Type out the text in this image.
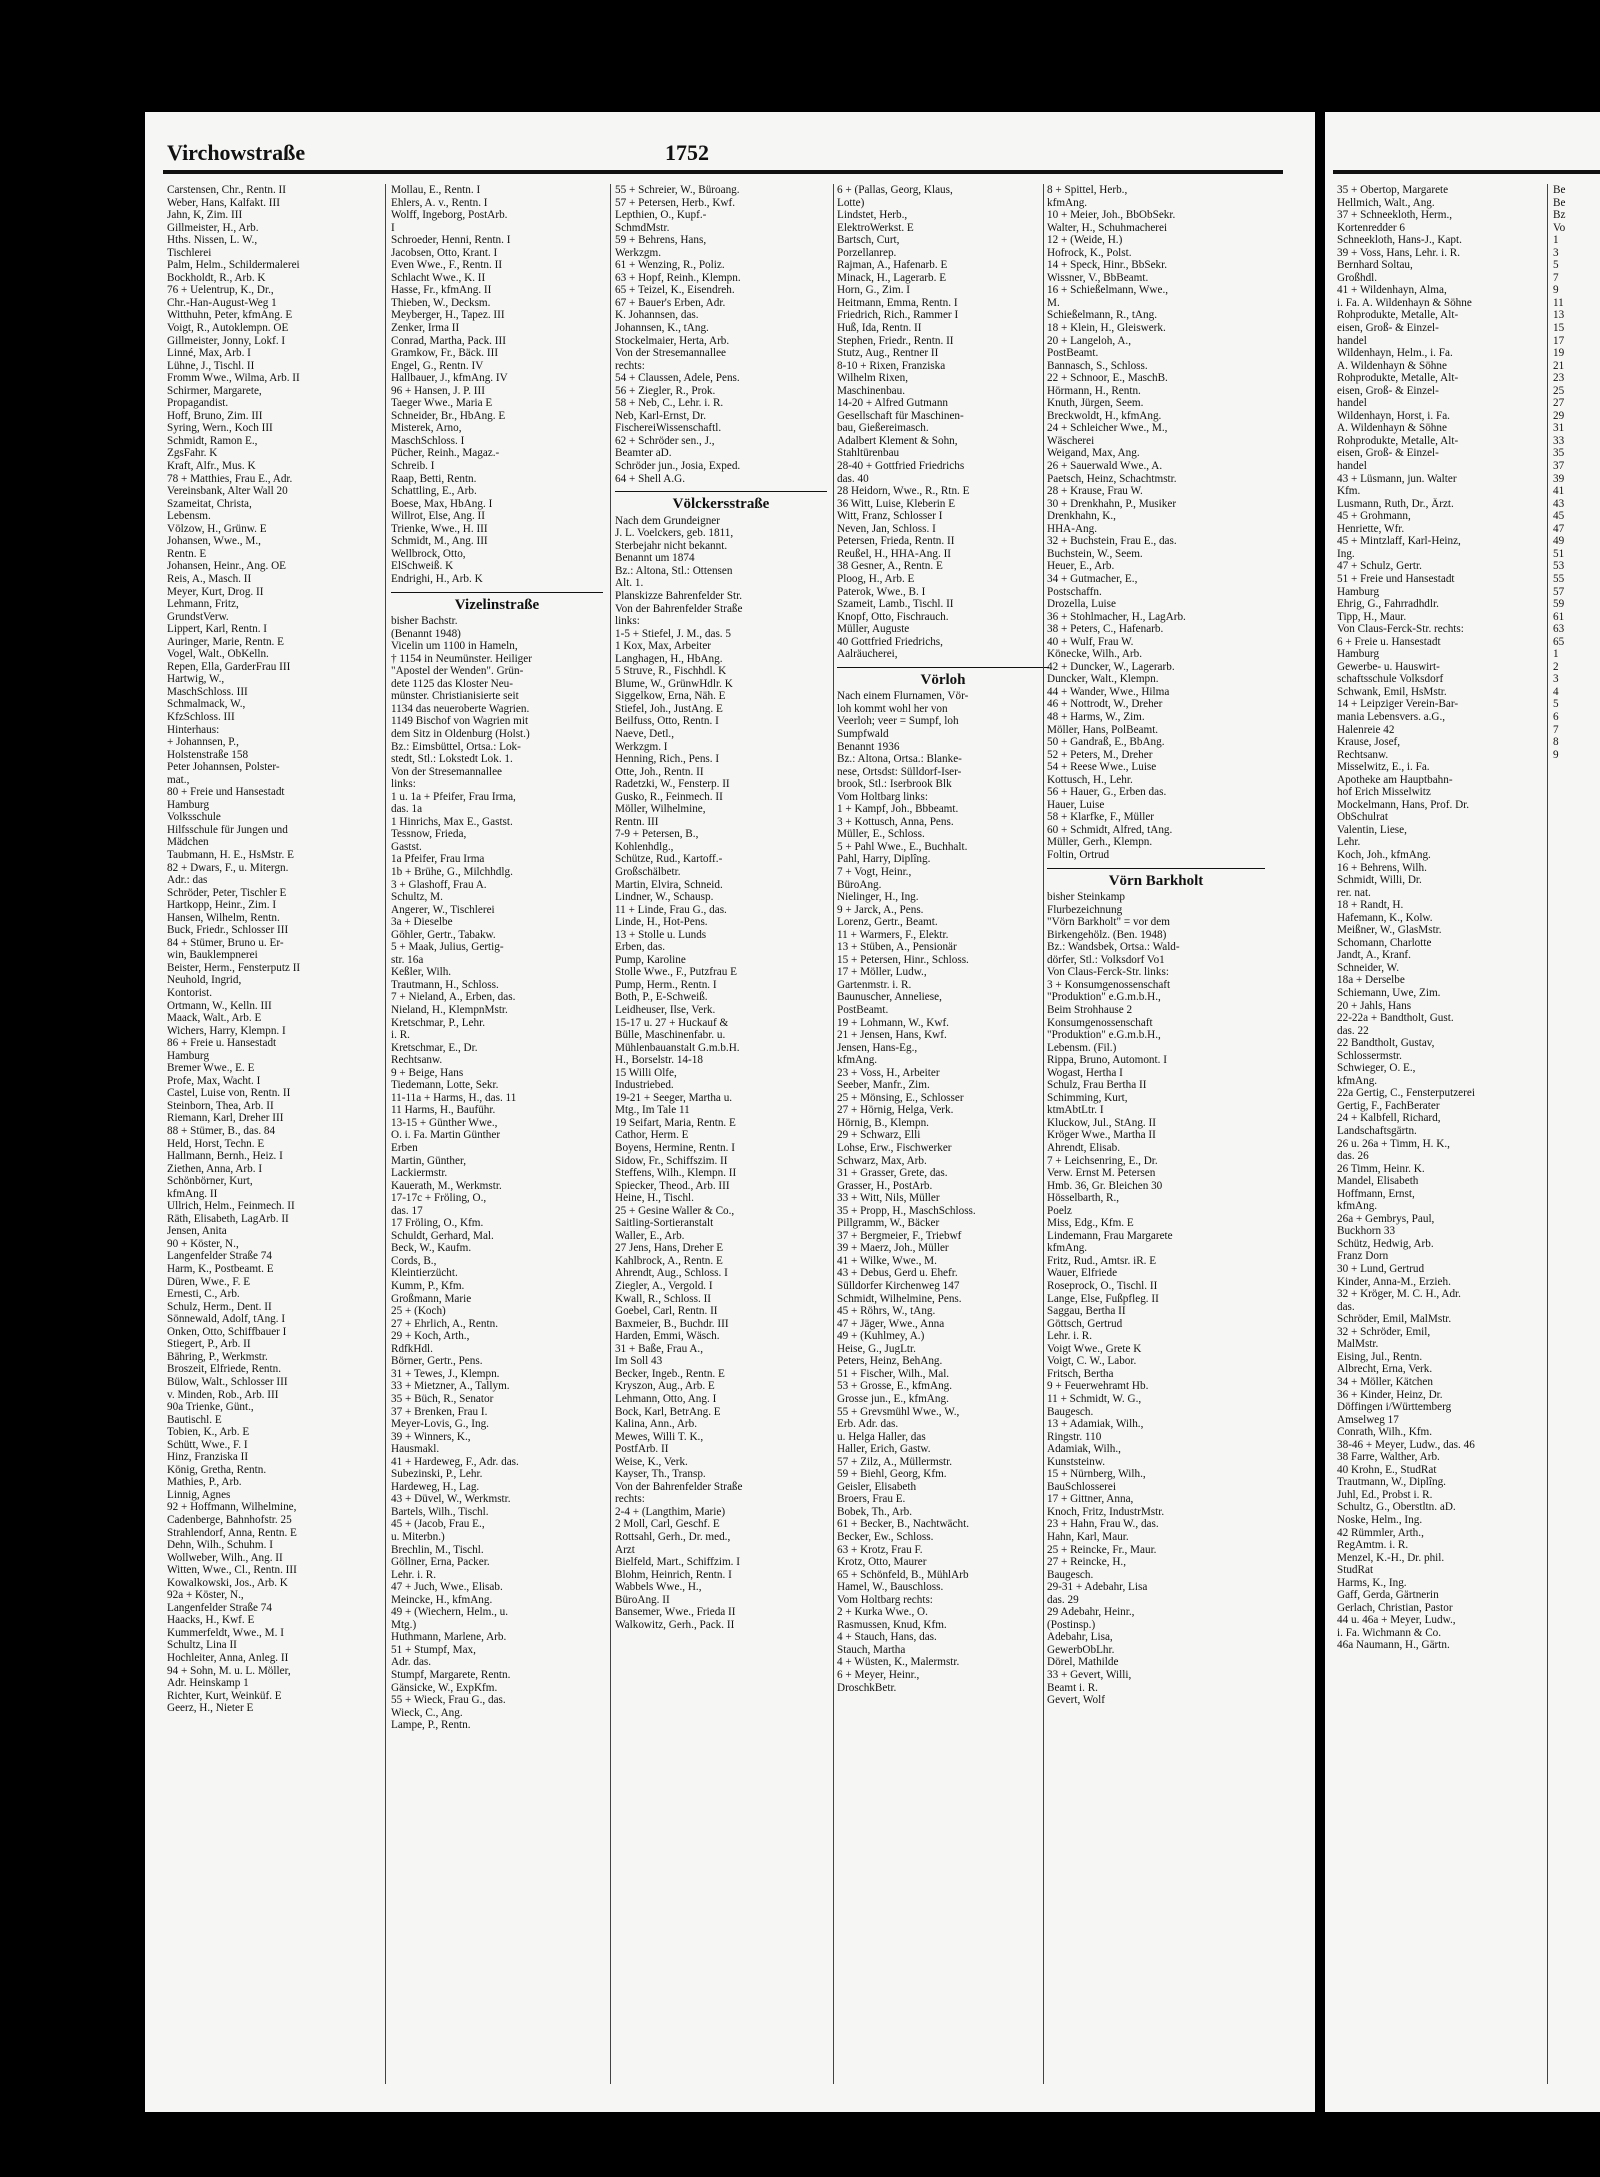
Virchowstraße	1752
Carstensen, Chr., Rentn. II
Weber, Hans, Kalfakt. III
Jahn, K, Zim. III
Gillmeister, H., Arb.
Hths. Nissen, L. W.,
Tischlerei
Palm, Helm., Schildermalerei
Bockholdt, R., Arb. K
76 + Uelentrup, K., Dr.,
Chr.-Han-August-Weg 1
Witthuhn, Peter, kfmAng. E
Voigt, R., Autoklempn. OE
Gillmeister, Jonny, Lokf. I
Linné, Max, Arb. I
Lühne, J., Tischl. II
Fromm Wwe., Wilma, Arb. II
Schirmer, Margarete,
Propagandist.
Hoff, Bruno, Zim. III
Syring, Wern., Koch III
Schmidt, Ramon E.,
ZgsFahr. K
Kraft, Alfr., Mus. K
78 + Matthies, Frau E., Adr.
Vereinsbank, Alter Wall 20
Szameitat, Christa,
Lebensm.
Völzow, H., Grünw. E
Johansen, Wwe., M.,
Rentn. E
Johansen, Heinr., Ang. OE
Reis, A., Masch. II
Meyer, Kurt, Drog. II
Lehmann, Fritz,
GrundstVerw.
Lippert, Karl, Rentn. I
Auringer, Marie, Rentn. E
Vogel, Walt., ObKelln.
Repen, Ella, GarderFrau III
Hartwig, W.,
MaschSchloss. III
Schmalmack, W.,
KfzSchloss. III
Hinterhaus:
+ Johannsen, P.,
Holstenstraße 158
Peter Johannsen, Polster-
mat.,
80 + Freie und Hansestadt
Hamburg
Volksschule
Hilfsschule für Jungen und
Mädchen
Taubmann, H. E., HsMstr. E
82 + Dwars, F., u. Mitergn.
Adr.: das
Schröder, Peter, Tischler E
Hartkopp, Heinr., Zim. I
Hansen, Wilhelm, Rentn.
Buck, Friedr., Schlosser III
84 + Stümer, Bruno u. Er-
win, Bauklempnerei
Beister, Herm., Fensterputz II
Neuhold, Ingrid,
Kontorist.
Ortmann, W., Kelln. III
Maack, Walt., Arb. E
Wichers, Harry, Klempn. I
86 + Freie u. Hansestadt
Hamburg
Bremer Wwe., E. E
Profe, Max, Wacht. I
Castel, Luise von, Rentn. II
Steinborn, Thea, Arb. II
Riemann, Karl, Dreher III
88 + Stümer, B., das. 84
Held, Horst, Techn. E
Hallmann, Bernh., Heiz. I
Ziethen, Anna, Arb. I
Schönbörner, Kurt,
kfmAng. II
Ullrich, Helm., Feinmech. II
Räth, Elisabeth, LagArb. II
Jensen, Anita
90 + Köster, N.,
Langenfelder Straße 74
Harm, K., Postbeamt. E
Düren, Wwe., F. E
Ernesti, C., Arb.
Schulz, Herm., Dent. II
Sönnewald, Adolf, tAng. I
Onken, Otto, Schiffbauer I
Stiegert, P., Arb. II
Bähring, P., Werkmstr.
Broszeit, Elfriede, Rentn.
Bülow, Walt., Schlosser III
v. Minden, Rob., Arb. III
90a Trienke, Günt.,
Bautischl. E
Tobien, K., Arb. E
Schütt, Wwe., F. I
Hinz, Franziska II
König, Gretha, Rentn.
Mathies, P., Arb.
Linnig, Agnes
92 + Hoffmann, Wilhelmine,
Cadenberge, Bahnhofstr. 25
Strahlendorf, Anna, Rentn. E
Dehn, Wilh., Schuhm. I
Wollweber, Wilh., Ang. II
Witten, Wwe., Cl., Rentn. III
Kowalkowski, Jos., Arb. K
92a + Köster, N.,
Langenfelder Straße 74
Haacks, H., Kwf. E
Kummerfeldt, Wwe., M. I
Schultz, Lina II
Hochleiter, Anna, Anleg. II
94 + Sohn, M. u. L. Möller,
Adr. Heinskamp 1
Richter, Kurt, Weinküf. E
Geerz, H., Nieter E
Mollau, E., Rentn. I
Ehlers, A. v., Rentn. I
Wolff, Ingeborg, PostArb.
I
Schroeder, Henni, Rentn. I
Jacobsen, Otto, Krant. I
Even Wwe., F., Rentn. II
Schlacht Wwe., K. II
Hasse, Fr., kfmAng. II
Thieben, W., Decksm.
Meyberger, H., Tapez. III
Zenker, Irma II
Conrad, Martha, Pack. III
Gramkow, Fr., Bäck. III
Engel, G., Rentn. IV
Hallbauer, J., kfmAng. IV
96 + Hansen, J. P. III
Taeger Wwe., Maria E
Schneider, Br., HbAng. E
Misterek, Arno,
MaschSchloss. I
Pücher, Reinh., Magaz.-
Schreib. I
Raap, Betti, Rentn.
Schattling, E., Arb.
Boese, Max, HbAng. I
Willrot, Else, Ang. II
Trienke, Wwe., H. III
Schmidt, M., Ang. III
Wellbrock, Otto,
ElSchweiß. K
Endrighi, H., Arb. K
Vizelinstraße
bisher Bachstr.
(Benannt 1948)
Vicelin um 1100 in Hameln,
† 1154 in Neumünster. Heiliger
"Apostel der Wenden". Grün-
dete 1125 das Kloster Neu-
münster. Christianisierte seit
1134 das neueroberte Wagrien.
1149 Bischof von Wagrien mit
dem Sitz in Oldenburg (Holst.)
Bz.: Eimsbüttel, Ortsa.: Lok-
stedt, Stl.: Lokstedt Lok. 1.
Von der Stresemannallee
links:
1 u. 1a + Pfeifer, Frau Irma,
das. 1a
1 Hinrichs, Max E., Gastst.
Tessnow, Frieda,
Gastst.
1a Pfeifer, Frau Irma
1b + Brühe, G., Milchhdlg.
3 + Glashoff, Frau A.
Schultz, M.
Angerer, W., Tischlerei
3a + Dieselbe
Göhler, Gertr., Tabakw.
5 + Maak, Julius, Gertig-
str. 16a
Keßler, Wilh.
Trautmann, H., Schloss.
7 + Nieland, A., Erben, das.
Nieland, H., KlempnMstr.
Kretschmar, P., Lehr.
i. R.
Kretschmar, E., Dr.
Rechtsanw.
9 + Beige, Hans
Tiedemann, Lotte, Sekr.
11-11a + Harms, H., das. 11
11 Harms, H., Bauführ.
13-15 + Günther Wwe.,
O. i. Fa. Martin Günther
Erben
Martin, Günther,
Lackiermstr.
Kauerath, M., Werkmstr.
17-17c + Fröling, O.,
das. 17
17 Fröling, O., Kfm.
Schuldt, Gerhard, Mal.
Beck, W., Kaufm.
Cords, B.,
Kleintierzücht.
Kumm, P., Kfm.
Großmann, Marie
25 + (Koch)
27 + Ehrlich, A., Rentn.
29 + Koch, Arth.,
RdfkHdl.
Börner, Gertr., Pens.
31 + Tewes, J., Klempn.
33 + Mietzner, A., Tallym.
35 + Büch, R., Senator
37 + Brenken, Frau I.
Meyer-Lovis, G., Ing.
39 + Winners, K.,
Hausmakl.
41 + Hardeweg, F., Adr. das.
Subezinski, P., Lehr.
Hardeweg, H., Lag.
43 + Düvel, W., Werkmstr.
Bartels, Wilh., Tischl.
45 + (Jacob, Frau E.,
u. Miterbn.)
Brechlin, M., Tischl.
Göllner, Erna, Packer.
Lehr. i. R.
47 + Juch, Wwe., Elisab.
Meincke, H., kfmAng.
49 + (Wiechern, Helm., u.
Mtg.)
Huthmann, Marlene, Arb.
51 + Stumpf, Max,
Adr. das.
Stumpf, Margarete, Rentn.
Gänsicke, W., ExpKfm.
55 + Wieck, Frau G., das.
Wieck, C., Ang.
Lampe, P., Rentn.
55 + Schreier, W., Büroang.
57 + Petersen, Herb., Kwf.
Lepthien, O., Kupf.-
SchmdMstr.
59 + Behrens, Hans,
Werkzgm.
61 + Wenzing, R., Poliz.
63 + Hopf, Reinh., Klempn.
65 + Teizel, K., Eisendreh.
67 + Bauer's Erben, Adr.
K. Johannsen, das.
Johannsen, K., tAng.
Stockelmaier, Herta, Arb.
Von der Stresemannallee
rechts:
54 + Claussen, Adele, Pens.
56 + Ziegler, R., Prok.
58 + Neb, C., Lehr. i. R.
Neb, Karl-Ernst, Dr.
FischereiWissenschaftl.
62 + Schröder sen., J.,
Beamter aD.
Schröder jun., Josia, Exped.
64 + Shell A.G.
Völckersstraße
Nach dem Grundeigner
J. L. Voelckers, geb. 1811,
Sterbejahr nicht bekannt.
Benannt um 1874
Bz.: Altona, Stl.: Ottensen
Alt. 1.
Planskizze Bahrenfelder Str.
Von der Bahrenfelder Straße
links:
1-5 + Stiefel, J. M., das. 5
1 Kox, Max, Arbeiter
Langhagen, H., HbAng.
5 Struve, R., Fischhdl. K
Blume, W., GrünwHdlr. K
Siggelkow, Erna, Näh. E
Stiefel, Joh., JustAng. E
Beilfuss, Otto, Rentn. I
Naeve, Detl.,
Werkzgm. I
Henning, Rich., Pens. I
Otte, Joh., Rentn. II
Radetzki, W., Fensterp. II
Gusko, R., Feinmech. II
Möller, Wilhelmine,
Rentn. III
7-9 + Petersen, B.,
Kohlenhdlg.,
Schütze, Rud., Kartoff.-
Großschälbetr.
Martin, Elvira, Schneid.
Lindner, W., Schausp.
11 + Linde, Frau G., das.
Linde, H., Hot-Pens.
13 + Stolle u. Lunds
Erben, das.
Pump, Karoline
Stolle Wwe., F., Putzfrau E
Pump, Herm., Rentn. I
Both, P., E-Schweiß.
Leidheuser, Ilse, Verk.
15-17 u. 27 + Huckauf &
Bülle, Maschinenfabr. u.
Mühlenbauanstalt G.m.b.H.
H., Borselstr. 14-18
15 Willi Olfe,
Industriebed.
19-21 + Seeger, Martha u.
Mtg., Im Tale 11
19 Seifart, Maria, Rentn. E
Cathor, Herm. E
Boyens, Hermine, Rentn. I
Sidow, Fr., Schiffszim. II
Steffens, Wilh., Klempn. II
Spiecker, Theod., Arb. III
Heine, H., Tischl.
25 + Gesine Waller & Co.,
Saitling-Sortieranstalt
Waller, E., Arb.
27 Jens, Hans, Dreher E
Kahlbrock, A., Rentn. E
Ahrendt, Aug., Schloss. I
Ziegler, A., Vergold. I
Kwall, R., Schloss. II
Goebel, Carl, Rentn. II
Baxmeier, B., Buchdr. III
Harden, Emmi, Wäsch.
31 + Baße, Frau A.,
Im Soll 43
Becker, Ingeb., Rentn. E
Kryszon, Aug., Arb. E
Lehmann, Otto, Ang. I
Bock, Karl, BetrAng. E
Kalina, Ann., Arb.
Mewes, Willi T. K.,
PostfArb. II
Weise, K., Verk.
Kayser, Th., Transp.
Von der Bahrenfelder Straße
rechts:
2-4 + (Langthim, Marie)
2 Moll, Carl, Geschf. E
Rottsahl, Gerh., Dr. med.,
Arzt
Bielfeld, Mart., Schiffzim. I
Blohm, Heinrich, Rentn. I
Wabbels Wwe., H.,
BüroAng. II
Bansemer, Wwe., Frieda II
Walkowitz, Gerh., Pack. II
6 + (Pallas, Georg, Klaus,
Lotte)
Lindstet, Herb.,
ElektroWerkst. E
Bartsch, Curt,
Porzellanrep.
Rajman, A., Hafenarb. E
Minack, H., Lagerarb. E
Horn, G., Zim. I
Heitmann, Emma, Rentn. I
Friedrich, Rich., Rammer I
Huß, Ida, Rentn. II
Stephen, Friedr., Rentn. II
Stutz, Aug., Rentner II
8-10 + Rixen, Franziska
Wilhelm Rixen,
Maschinenbau.
14-20 + Alfred Gutmann
Gesellschaft für Maschinen-
bau, Gießereimasch.
Adalbert Klement & Sohn,
Stahltürenbau
28-40 + Gottfried Friedrichs
das. 40
28 Heidorn, Wwe., R., Rtn. E
36 Witt, Luise, Kleberin E
Witt, Franz, Schlosser I
Neven, Jan, Schloss. I
Petersen, Frieda, Rentn. II
Reußel, H., HHA-Ang. II
38 Gesner, A., Rentn. E
Ploog, H., Arb. E
Paterok, Wwe., B. I
Szameit, Lamb., Tischl. II
Knopf, Otto, Fischrauch.
Müller, Auguste
40 Gottfried Friedrichs,
Aalräucherei,
Vörloh
Nach einem Flurnamen, Vör-
loh kommt wohl her von
Veerloh; veer = Sumpf, loh
Sumpfwald
Benannt 1936
Bz.: Altona, Ortsa.: Blanke-
nese, Ortsdst: Sülldorf-Iser-
brook, Stl.: Iserbrook Blk
Vom Holtbarg links:
1 + Kampf, Joh., Bbbeamt.
3 + Kottusch, Anna, Pens.
Müller, E., Schloss.
5 + Pahl Wwe., E., Buchhalt.
Pahl, Harry, Diplîng.
7 + Vogt, Heinr.,
BüroAng.
Nielinger, H., Ing.
9 + Jarck, A., Pens.
Lorenz, Gertr., Beamt.
11 + Warmers, F., Elektr.
13 + Stüben, A., Pensionär
15 + Petersen, Hinr., Schloss.
17 + Möller, Ludw.,
Gartenmstr. i. R.
Baunuscher, Anneliese,
PostBeamt.
19 + Lohmann, W., Kwf.
21 + Jensen, Hans, Kwf.
Jensen, Hans-Eg.,
kfmAng.
23 + Voss, H., Arbeiter
Seeber, Manfr., Zim.
25 + Mönsing, E., Schlosser
27 + Hörnig, Helga, Verk.
Hörnig, B., Klempn.
29 + Schwarz, Elli
Lohse, Erw., Fischwerker
Schwarz, Max, Arb.
31 + Grasser, Grete, das.
Grasser, H., PostArb.
33 + Witt, Nils, Müller
35 + Propp, H., MaschSchloss.
Pillgramm, W., Bäcker
37 + Bergmeier, F., Triebwf
39 + Maerz, Joh., Müller
41 + Wilke, Wwe., M.
43 + Debus, Gerd u. Ehefr.
Sülldorfer Kirchenweg 147
Schmidt, Wilhelmine, Pens.
45 + Röhrs, W., tAng.
47 + Jäger, Wwe., Anna
49 + (Kuhlmey, A.)
Heise, G., JugLtr.
Peters, Heinz, BehAng.
51 + Fischer, Wilh., Mal.
53 + Grosse, E., kfmAng.
Grosse jun., E., kfmAng.
55 + Grevsmühl Wwe., W.,
Erb. Adr. das.
u. Helga Haller, das
Haller, Erich, Gastw.
57 + Zilz, A., Müllermstr.
59 + Biehl, Georg, Kfm.
Geisler, Elisabeth
Broers, Frau E.
Bobek, Th., Arb.
61 + Becker, B., Nachtwächt.
Becker, Ew., Schloss.
63 + Krotz, Frau F.
Krotz, Otto, Maurer
65 + Schönfeld, B., MühlArb
Hamel, W., Bauschloss.
Vom Holtbarg rechts:
2 + Kurka Wwe., O.
Rasmussen, Knud, Kfm.
4 + Stauch, Hans, das.
Stauch, Martha
4 + Wüsten, K., Malermstr.
6 + Meyer, Heinr.,
DroschkBetr.
8 + Spittel, Herb.,
kfmAng.
10 + Meier, Joh., BbObSekr.
Walter, H., Schuhmacherei
12 + (Weide, H.)
Hofrock, K., Polst.
14 + Speck, Hinr., BbSekr.
Wissner, V., BbBeamt.
16 + Schießelmann, Wwe.,
M.
Schießelmann, R., tAng.
18 + Klein, H., Gleiswerk.
20 + Langeloh, A.,
PostBeamt.
Bannasch, S., Schloss.
22 + Schnoor, E., MaschB.
Hörmann, H., Rentn.
Knuth, Jürgen, Seem.
Breckwoldt, H., kfmAng.
24 + Schleicher Wwe., M.,
Wäscherei
Weigand, Max, Ang.
26 + Sauerwald Wwe., A.
Paetsch, Heinz, Schachtmstr.
28 + Krause, Frau W.
30 + Drenkhahn, P., Musiker
Drenkhahn, K.,
HHA-Ang.
32 + Buchstein, Frau E., das.
Buchstein, W., Seem.
Heuer, E., Arb.
34 + Gutmacher, E.,
Postschaffn.
Drozella, Luise
36 + Stohlmacher, H., LagArb.
38 + Peters, C., Hafenarb.
40 + Wulf, Frau W.
Könecke, Wilh., Arb.
42 + Duncker, W., Lagerarb.
Duncker, Walt., Klempn.
44 + Wander, Wwe., Hilma
46 + Nottrodt, W., Dreher
48 + Harms, W., Zim.
Möller, Hans, PolBeamt.
50 + Gandraß, E., BbAng.
52 + Peters, M., Dreher
54 + Reese Wwe., Luise
Kottusch, H., Lehr.
56 + Hauer, G., Erben das.
Hauer, Luise
58 + Klarfke, F., Müller
60 + Schmidt, Alfred, tAng.
Müller, Gerh., Klempn.
Foltin, Ortrud
Vörn Barkholt
bisher Steinkamp
Flurbezeichnung
"Vörn Barkholt" = vor dem
Birkengehölz. (Ben. 1948)
Bz.: Wandsbek, Ortsa.: Wald-
dörfer, Stl.: Volksdorf Vo1
Von Claus-Ferck-Str. links:
3 + Konsumgenossenschaft
"Produktion" e.G.m.b.H.,
Beim Strohhause 2
Konsumgenossenschaft
"Produktion" e.G.m.b.H.,
Lebensm. (Fil.)
Rippa, Bruno, Automont. I
Wogast, Hertha I
Schulz, Frau Bertha II
Schimming, Kurt,
ktmAbtLtr. I
Kluckow, Jul., StAng. II
Kröger Wwe., Martha II
Ahrendt, Elisab.
7 + Leichsenring, E., Dr.
Verw. Ernst M. Petersen
Hmb. 36, Gr. Bleichen 30
Hösselbarth, R.,
Poelz
Miss, Edg., Kfm. E
Lindemann, Frau Margarete
kfmAng.
Fritz, Rud., Amtsr. iR. E
Wauer, Elfriede
Roseprock, O., Tischl. II
Lange, Else, Fußpfleg. II
Saggau, Bertha II
Göttsch, Gertrud
Lehr. i. R.
Voigt Wwe., Grete K
Voigt, C. W., Labor.
Fritsch, Bertha
9 + Feuerwehramt Hb.
11 + Schmidt, W. G.,
Baugesch.
13 + Adamiak, Wilh.,
Ringstr. 110
Adamiak, Wilh.,
Kunststeinw.
15 + Nürnberg, Wilh.,
BauSchlosserei
17 + Gittner, Anna,
Knoch, Fritz, IndustrMstr.
23 + Hahn, Frau W., das.
Hahn, Karl, Maur.
25 + Reincke, Fr., Maur.
27 + Reincke, H.,
Baugesch.
29-31 + Adebahr, Lisa
das. 29
29 Adebahr, Heinr.,
(Postinsp.)
Adebahr, Lisa,
GewerbObLhr.
Dörel, Mathilde
33 + Gevert, Willi,
Beamt i. R.
Gevert, Wolf
35 + Obertop, Margarete
Hellmich, Walt., Ang.
37 + Schneekloth, Herm.,
Kortenredder 6
Schneekloth, Hans-J., Kapt.
39 + Voss, Hans, Lehr. i. R.
Bernhard Soltau,
Großhdl.
41 + Wildenhayn, Alma,
i. Fa. A. Wildenhayn & Söhne
Rohprodukte, Metalle, Alt-
eisen, Groß- & Einzel-
handel
Wildenhayn, Helm., i. Fa.
A. Wildenhayn & Söhne
Rohprodukte, Metalle, Alt-
eisen, Groß- & Einzel-
handel
Wildenhayn, Horst, i. Fa.
A. Wildenhayn & Söhne
Rohprodukte, Metalle, Alt-
eisen, Groß- & Einzel-
handel
43 + Lüsmann, jun. Walter
Kfm.
Lusmann, Ruth, Dr., Ärzt.
45 + Grohmann,
Henriette, Wfr.
45 + Mintzlaff, Karl-Heinz,
Ing.
47 + Schulz, Gertr.
51 + Freie und Hansestadt
Hamburg
Ehrig, G., Fahrradhdlr.
Tipp, H., Maur.
Von Claus-Ferck-Str. rechts:
6 + Freie u. Hansestadt
Hamburg
Gewerbe- u. Hauswirt-
schaftsschule Volksdorf
Schwank, Emil, HsMstr.
14 + Leipziger Verein-Bar-
mania Lebensvers. a.G.,
Halenreie 42
Krause, Josef,
Rechtsanw.
Misselwitz, E., i. Fa.
Apotheke am Hauptbahn-
hof Erich Misselwitz
Mockelmann, Hans, Prof. Dr.
ObSchulrat
Valentin, Liese,
Lehr.
Koch, Joh., kfmAng.
16 + Behrens, Wilh.
Schmidt, Willi, Dr.
rer. nat.
18 + Randt, H.
Hafemann, K., Kolw.
Meißner, W., GlasMstr.
Schomann, Charlotte
Jandt, A., Kranf.
Schneider, W.
18a + Derselbe
Schiemann, Uwe, Zim.
20 + Jahls, Hans
22-22a + Bandtholt, Gust.
das. 22
22 Bandtholt, Gustav,
Schlossermstr.
Schwieger, O. E.,
kfmAng.
22a Gertig, C., Fensterputzerei
Gertig, F., FachBerater
24 + Kalbfell, Richard,
Landschaftsgärtn.
26 u. 26a + Timm, H. K.,
das. 26
26 Timm, Heinr. K.
Mandel, Elisabeth
Hoffmann, Ernst,
kfmAng.
26a + Gembrys, Paul,
Buckhorn 33
Schütz, Hedwig, Arb.
Franz Dorn
30 + Lund, Gertrud
Kinder, Anna-M., Erzieh.
32 + Kröger, M. C. H., Adr.
das.
Schröder, Emil, MalMstr.
32 + Schröder, Emil,
MalMstr.
Eising, Jul., Rentn.
Albrecht, Erna, Verk.
34 + Möller, Kätchen
36 + Kinder, Heinz, Dr.
Döffingen i/Württemberg
Amselweg 17
Conrath, Wilh., Kfm.
38-46 + Meyer, Ludw., das. 46
38 Farre, Walther, Arb.
40 Krohn, E., StudRat
Trautmann, W., Diplîng.
Juhl, Ed., Probst i. R.
Schultz, G., Oberstltn. aD.
Noske, Helm., Ing.
42 Rümmler, Arth.,
RegAmtm. i. R.
Menzel, K.-H., Dr. phil.
StudRat
Harms, K., Ing.
Gaff, Gerda, Gärtnerin
Gerlach, Christian, Pastor
44 u. 46a + Meyer, Ludw.,
i. Fa. Wichmann & Co.
46a Naumann, H., Gärtn.
Be
Be
Bz
Vo
1
3
5
7
9
11
13
15
17
19
21
23
25
27
29
31
33
35
37
39
41
43
45
47
49
51
53
55
57
59
61
63
65
1
2
3
4
5
6
7
8
9
